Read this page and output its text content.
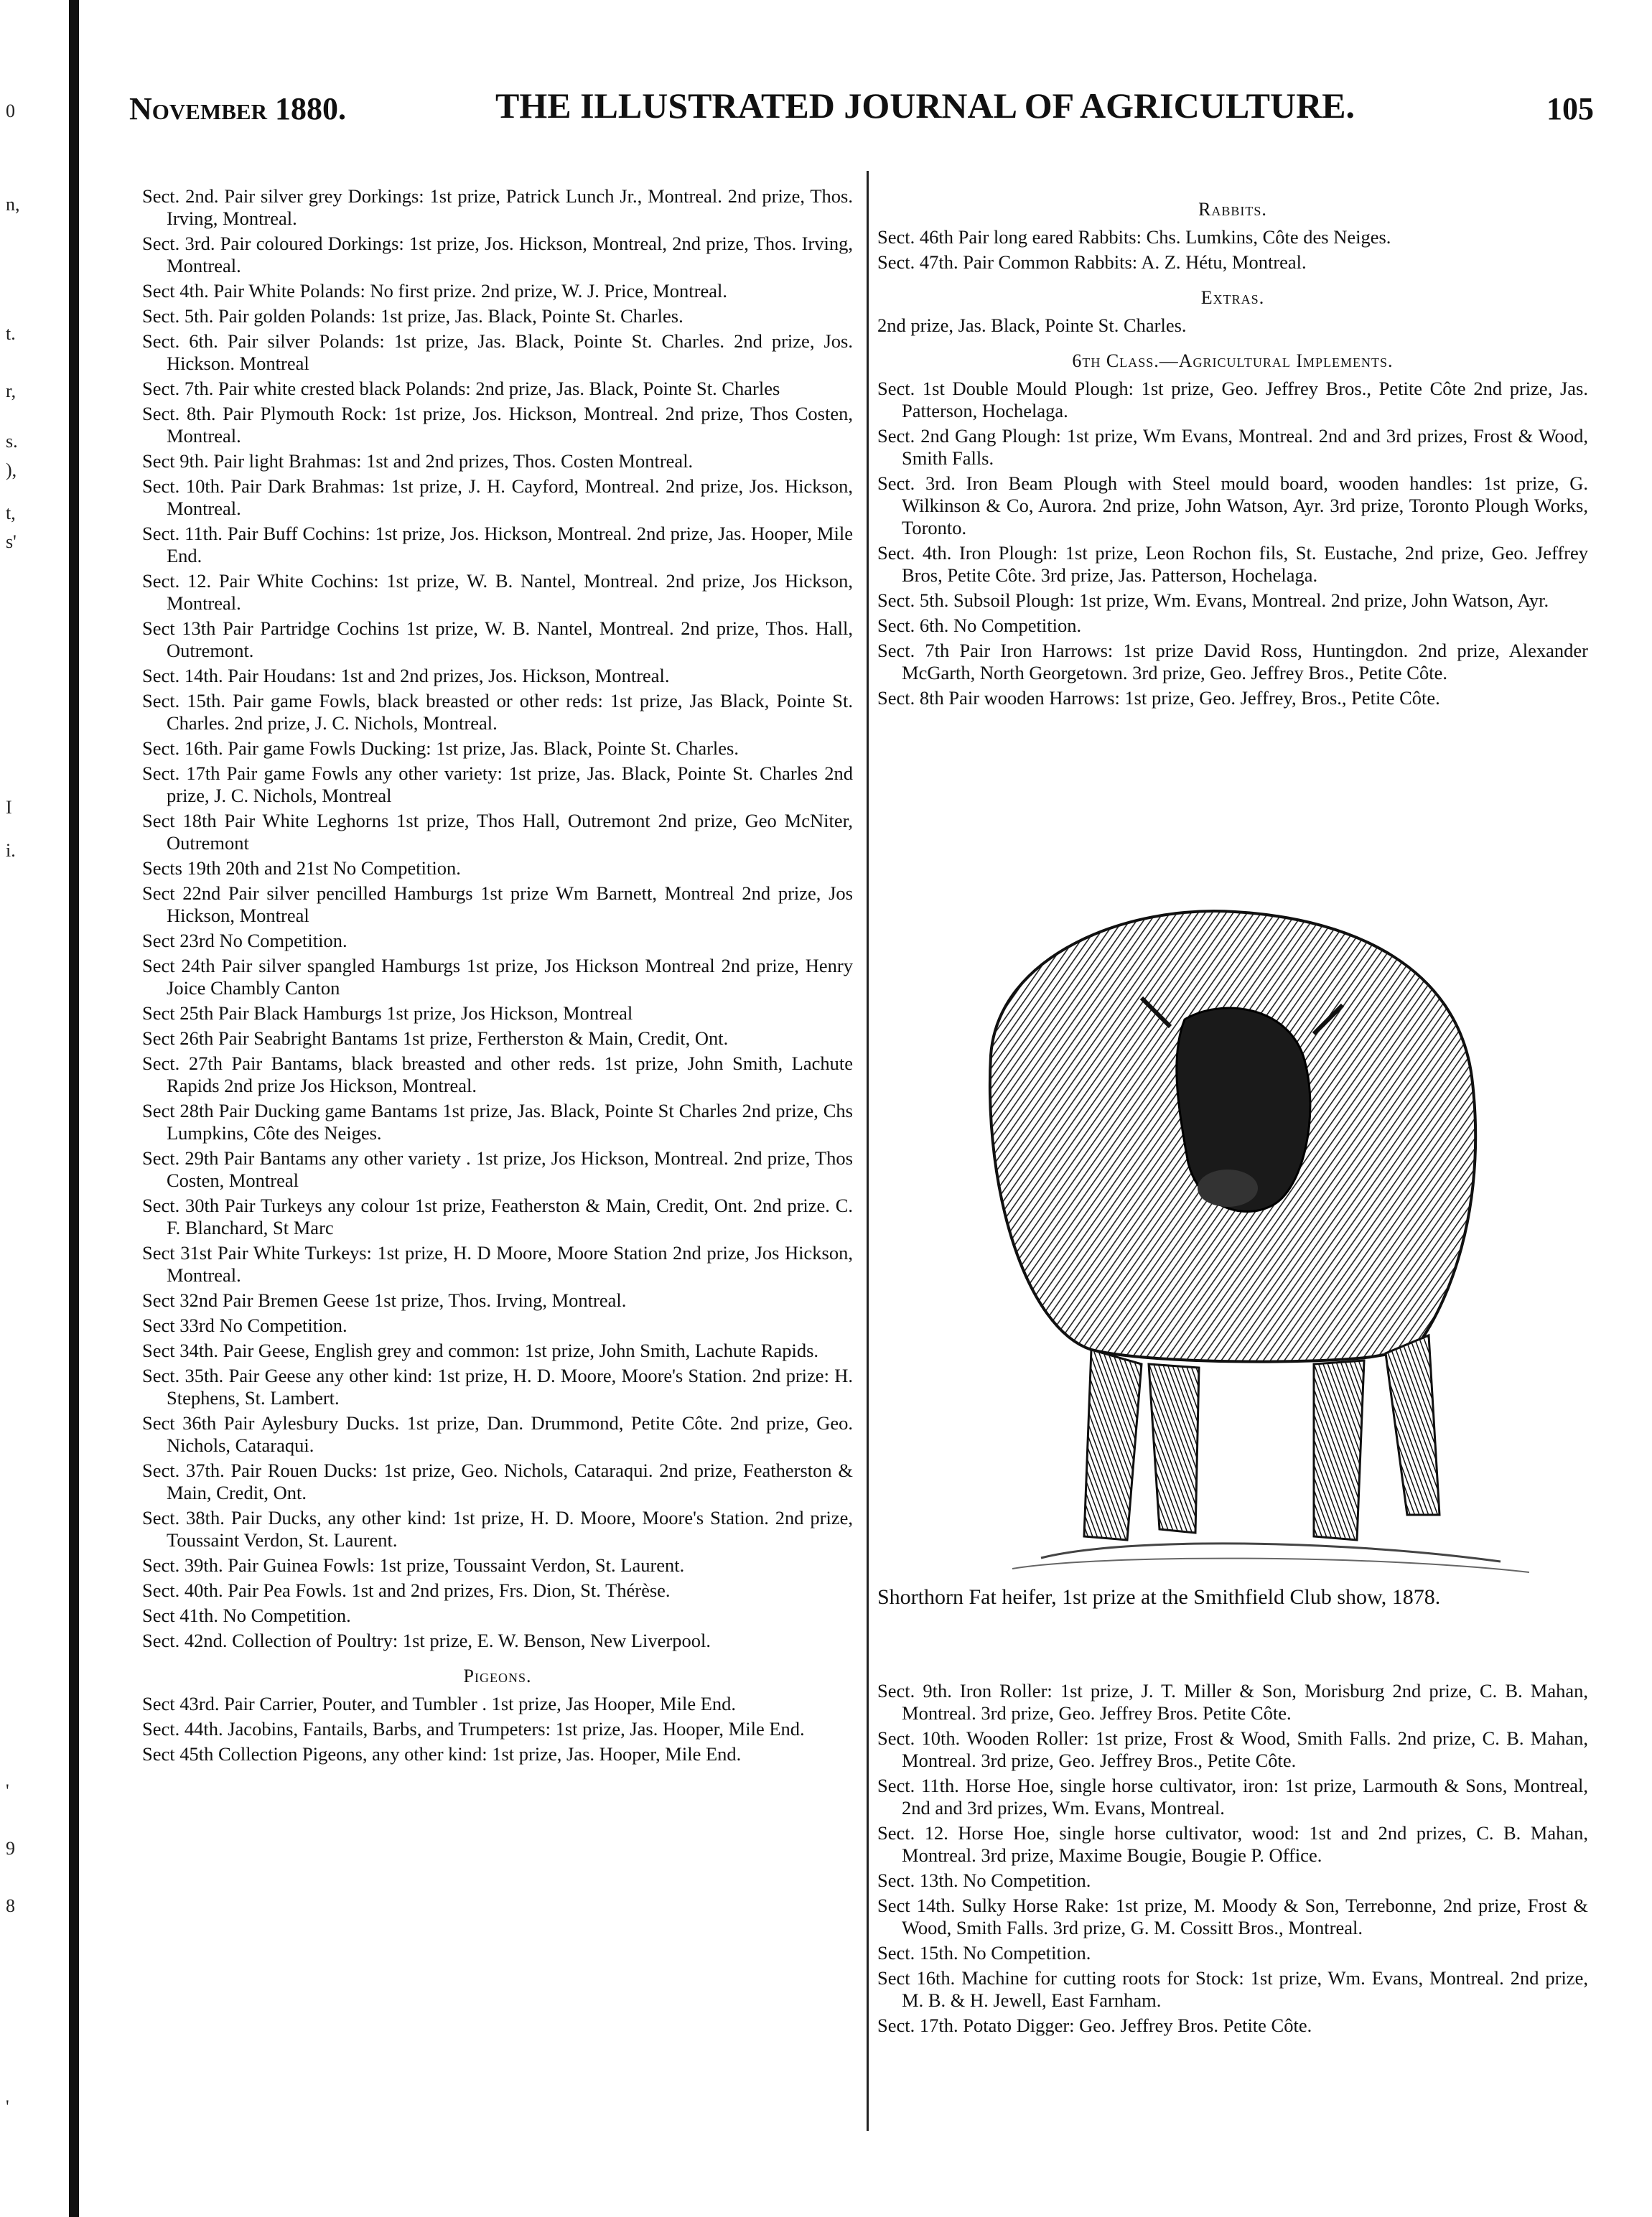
0
n,
t.
r,
s.
),
t,
s'
I
i.
'
9
8
'
November 1880.	THE ILLUSTRATED JOURNAL OF AGRICULTURE.	105

Sect. 2nd. Pair silver grey Dorkings: 1st prize, Patrick Lunch Jr., Montreal. 2nd prize, Thos. Irving, Montreal.

Sect. 3rd. Pair coloured Dorkings: 1st prize, Jos. Hickson, Montreal, 2nd prize, Thos. Irving, Montreal.

Sect 4th. Pair White Polands: No first prize. 2nd prize, W. J. Price, Montreal.

Sect. 5th. Pair golden Polands: 1st prize, Jas. Black, Pointe St. Charles.

Sect. 6th. Pair silver Polands: 1st prize, Jas. Black, Pointe St. Charles. 2nd prize, Jos. Hickson. Montreal

Sect. 7th. Pair white crested black Polands: 2nd prize, Jas. Black, Pointe St. Charles

Sect. 8th. Pair Plymouth Rock: 1st prize, Jos. Hickson, Montreal. 2nd prize, Thos Costen, Montreal.

Sect 9th. Pair light Brahmas: 1st and 2nd prizes, Thos. Costen Montreal.

Sect. 10th. Pair Dark Brahmas: 1st prize, J. H. Cayford, Montreal. 2nd prize, Jos. Hickson, Montreal.

Sect. 11th. Pair Buff Cochins: 1st prize, Jos. Hickson, Montreal. 2nd prize, Jas. Hooper, Mile End.

Sect. 12. Pair White Cochins: 1st prize, W. B. Nantel, Montreal. 2nd prize, Jos Hickson, Montreal.

Sect 13th Pair Partridge Cochins 1st prize, W. B. Nantel, Montreal. 2nd prize, Thos. Hall, Outremont.

Sect. 14th. Pair Houdans: 1st and 2nd prizes, Jos. Hickson, Montreal.

Sect. 15th. Pair game Fowls, black breasted or other reds: 1st prize, Jas Black, Pointe St. Charles. 2nd prize, J. C. Nichols, Montreal.

Sect. 16th. Pair game Fowls Ducking: 1st prize, Jas. Black, Pointe St. Charles.

Sect. 17th Pair game Fowls any other variety: 1st prize, Jas. Black, Pointe St. Charles 2nd prize, J. C. Nichols, Montreal

Sect 18th Pair White Leghorns 1st prize, Thos Hall, Outremont 2nd prize, Geo McNiter, Outremont

Sects 19th 20th and 21st No Competition.

Sect 22nd Pair silver pencilled Hamburgs 1st prize Wm Barnett, Montreal 2nd prize, Jos Hickson, Montreal

Sect 23rd No Competition.

Sect 24th Pair silver spangled Hamburgs 1st prize, Jos Hickson Montreal 2nd prize, Henry Joice Chambly Canton

Sect 25th Pair Black Hamburgs 1st prize, Jos Hickson, Montreal

Sect 26th Pair Seabright Bantams 1st prize, Fertherston & Main, Credit, Ont.

Sect. 27th Pair Bantams, black breasted and other reds. 1st prize, John Smith, Lachute Rapids 2nd prize Jos Hickson, Montreal.

Sect 28th Pair Ducking game Bantams 1st prize, Jas. Black, Pointe St Charles 2nd prize, Chs Lumpkins, Côte des Neiges.

Sect. 29th Pair Bantams any other variety . 1st prize, Jos Hickson, Montreal. 2nd prize, Thos Costen, Montreal

Sect. 30th Pair Turkeys any colour 1st prize, Featherston & Main, Credit, Ont. 2nd prize. C. F. Blanchard, St Marc

Sect 31st Pair White Turkeys: 1st prize, H. D Moore, Moore Station 2nd prize, Jos Hickson, Montreal.

Sect 32nd Pair Bremen Geese 1st prize, Thos. Irving, Montreal.

Sect 33rd No Competition.

Sect 34th. Pair Geese, English grey and common: 1st prize, John Smith, Lachute Rapids.

Sect. 35th. Pair Geese any other kind: 1st prize, H. D. Moore, Moore's Station. 2nd prize: H. Stephens, St. Lambert.

Sect 36th Pair Aylesbury Ducks. 1st prize, Dan. Drummond, Petite Côte. 2nd prize, Geo. Nichols, Cataraqui.

Sect. 37th. Pair Rouen Ducks: 1st prize, Geo. Nichols, Cataraqui. 2nd prize, Featherston & Main, Credit, Ont.

Sect. 38th. Pair Ducks, any other kind: 1st prize, H. D. Moore, Moore's Station. 2nd prize, Toussaint Verdon, St. Laurent.

Sect. 39th. Pair Guinea Fowls: 1st prize, Toussaint Verdon, St. Laurent.

Sect. 40th. Pair Pea Fowls. 1st and 2nd prizes, Frs. Dion, St. Thérèse.

Sect 41th. No Competition.

Sect. 42nd. Collection of Poultry: 1st prize, E. W. Benson, New Liverpool.

Pigeons.

Sect 43rd. Pair Carrier, Pouter, and Tumbler . 1st prize, Jas Hooper, Mile End.

Sect. 44th. Jacobins, Fantails, Barbs, and Trumpeters: 1st prize, Jas. Hooper, Mile End.

Sect 45th Collection Pigeons, any other kind: 1st prize, Jas. Hooper, Mile End.

Rabbits.

Sect. 46th Pair long eared Rabbits: Chs. Lumkins, Côte des Neiges.

Sect. 47th. Pair Common Rabbits: A. Z. Hétu, Montreal.

Extras.

2nd prize, Jas. Black, Pointe St. Charles.

6th Class.—Agricultural Implements.

Sect. 1st Double Mould Plough: 1st prize, Geo. Jeffrey Bros., Petite Côte 2nd prize, Jas. Patterson, Hochelaga.

Sect. 2nd Gang Plough: 1st prize, Wm Evans, Montreal. 2nd and 3rd prizes, Frost & Wood, Smith Falls.

Sect. 3rd. Iron Beam Plough with Steel mould board, wooden handles: 1st prize, G. Wilkinson & Co, Aurora. 2nd prize, John Watson, Ayr. 3rd prize, Toronto Plough Works, Toronto.

Sect. 4th. Iron Plough: 1st prize, Leon Rochon fils, St. Eustache, 2nd prize, Geo. Jeffrey Bros, Petite Côte. 3rd prize, Jas. Patterson, Hochelaga.

Sect. 5th. Subsoil Plough: 1st prize, Wm. Evans, Montreal. 2nd prize, John Watson, Ayr.

Sect. 6th. No Competition.

Sect. 7th Pair Iron Harrows: 1st prize David Ross, Huntingdon. 2nd prize, Alexander McGarth, North Georgetown. 3rd prize, Geo. Jeffrey Bros., Petite Côte.

Sect. 8th Pair wooden Harrows: 1st prize, Geo. Jeffrey, Bros., Petite Côte.

Shorthorn Fat heifer, 1st prize at the Smithfield Club show, 1878.

Sect. 9th. Iron Roller: 1st prize, J. T. Miller & Son, Morisburg 2nd prize, C. B. Mahan, Montreal. 3rd prize, Geo. Jeffrey Bros. Petite Côte.

Sect. 10th. Wooden Roller: 1st prize, Frost & Wood, Smith Falls. 2nd prize, C. B. Mahan, Montreal. 3rd prize, Geo. Jeffrey Bros., Petite Côte.

Sect. 11th. Horse Hoe, single horse cultivator, iron: 1st prize, Larmouth & Sons, Montreal, 2nd and 3rd prizes, Wm. Evans, Montreal.

Sect. 12. Horse Hoe, single horse cultivator, wood: 1st and 2nd prizes, C. B. Mahan, Montreal. 3rd prize, Maxime Bougie, Bougie P. Office.

Sect. 13th. No Competition.

Sect 14th. Sulky Horse Rake: 1st prize, M. Moody & Son, Terrebonne, 2nd prize, Frost & Wood, Smith Falls. 3rd prize, G. M. Cossitt Bros., Montreal.

Sect. 15th. No Competition.

Sect 16th. Machine for cutting roots for Stock: 1st prize, Wm. Evans, Montreal. 2nd prize, M. B. & H. Jewell, East Farnham.

Sect. 17th. Potato Digger: Geo. Jeffrey Bros. Petite Côte.
